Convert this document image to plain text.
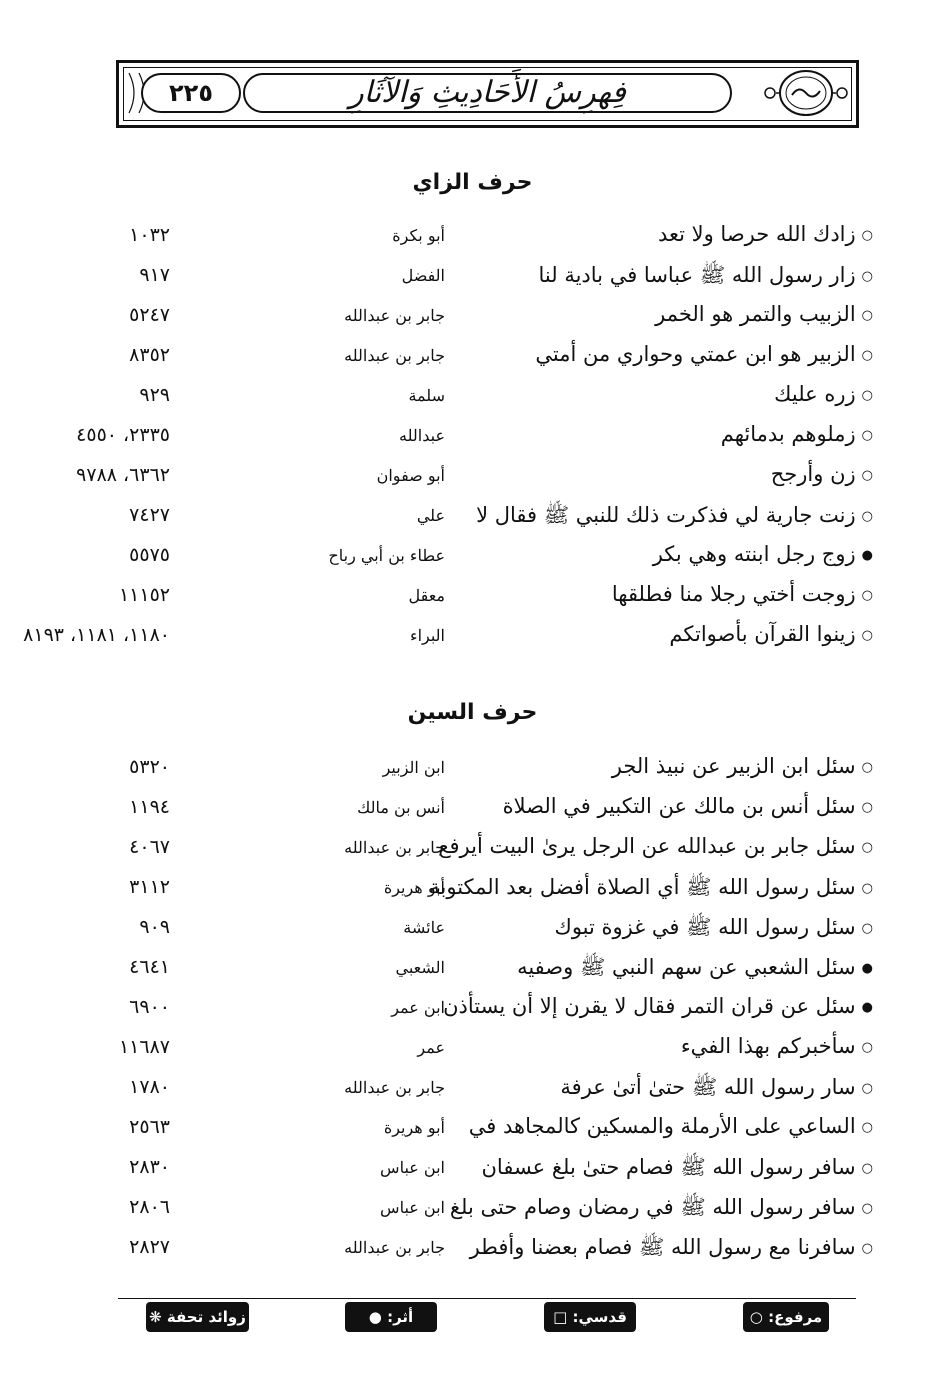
٢٢٥	فِهرِسُ الأَحَادِيثِ وَالآثَارِ
حرف الزاي
○زادك الله حرصا ولا تعد
أبو بكرة
١٠٣٢
○زار رسول الله ﷺ عباسا في بادية لنا
الفضل
٩١٧
○الزبيب والتمر هو الخمر
جابر بن عبدالله
٥٢٤٧
○الزبير هو ابن عمتي وحواري من أمتي
جابر بن عبدالله
٨٣٥٢
○زره عليك
سلمة
٩٢٩
○زملوهم بدمائهم
عبدالله
٢٣٣٥، ٤٥٥٠
○زن وأرجح
أبو صفوان
٦٣٦٢، ٩٧٨٨
○زنت جارية لي فذكرت ذلك للنبي ﷺ فقال لا
علي
٧٤٢٧
●زوج رجل ابنته وهي بكر
عطاء بن أبي رباح
٥٥٧٥
○زوجت أختي رجلا منا فطلقها
معقل
١١١٥٢
○زينوا القرآن بأصواتكم
البراء
١١٨٠، ١١٨١، ٨١٩٣
حرف السين
○سئل ابن الزبير عن نبيذ الجر
ابن الزبير
٥٣٢٠
○سئل أنس بن مالك عن التكبير في الصلاة
أنس بن مالك
١١٩٤
○سئل جابر بن عبدالله عن الرجل يرىٰ البيت أيرفع
جابر بن عبدالله
٤٠٦٧
○سئل رسول الله ﷺ أي الصلاة أفضل بعد المكتوبة
أبو هريرة
٣١١٢
○سئل رسول الله ﷺ في غزوة تبوك
عائشة
٩٠٩
●سئل الشعبي عن سهم النبي ﷺ وصفيه
الشعبي
٤٦٤١
●سئل عن قران التمر فقال لا يقرن إلا أن يستأذن
ابن عمر
٦٩٠٠
○سأخبركم بهذا الفيء
عمر
١١٦٨٧
○سار رسول الله ﷺ حتىٰ أتىٰ عرفة
جابر بن عبدالله
١٧٨٠
○الساعي على الأرملة والمسكين كالمجاهد في
أبو هريرة
٢٥٦٣
○سافر رسول الله ﷺ فصام حتىٰ بلغ عسفان
ابن عباس
٢٨٣٠
○سافر رسول الله ﷺ في رمضان وصام حتى بلغ
ابن عباس
٢٨٠٦
○سافرنا مع رسول الله ﷺ فصام بعضنا وأفطر
جابر بن عبدالله
٢٨٢٧
مرفوع: ○
قدسي: □
أثر: ●
زوائد تحفة ❋
